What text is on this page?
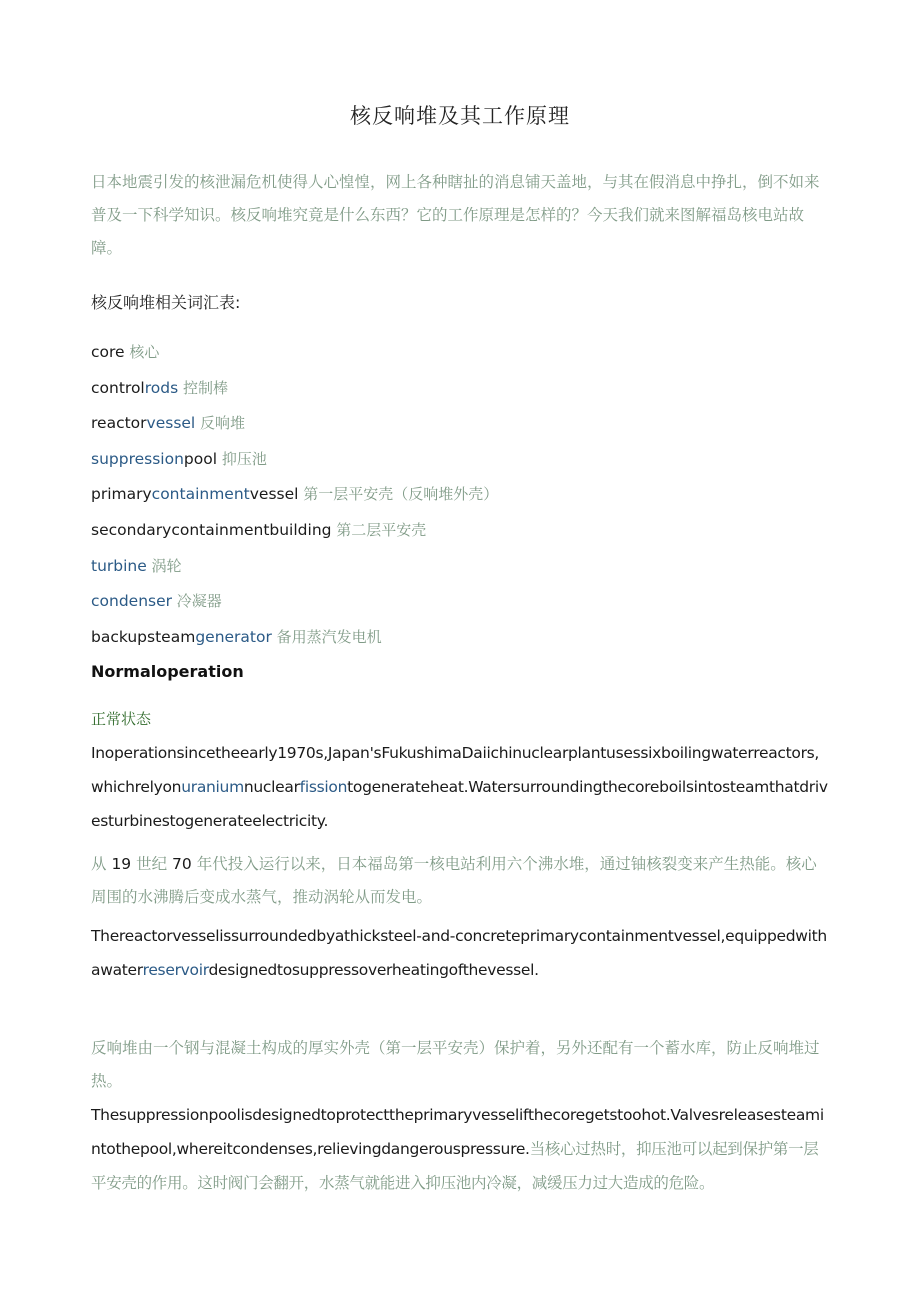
核反响堆及其工作原理
日本地震引发的核泄漏危机使得人心惶惶，网上各种瞎扯的消息铺天盖地，与其在假消息中挣扎，倒不如来普及一下科学知识。核反响堆究竟是什么东西？它的工作原理是怎样的？今天我们就来图解福岛核电站故障。
核反响堆相关词汇表:
core 核心
controlrods 控制棒
reactorvessel 反响堆
suppressionpool 抑压池
primarycontainmentvessel 第一层平安壳（反响堆外壳）
secondarycontainmentbuilding 第二层平安壳
turbine 涡轮
condenser 冷凝器
backupsteamgenerator 备用蒸汽发电机
Normaloperation
正常状态
Inoperationsincetheearly1970s,Japan'sFukushimaDaiichinuclearplantusessixboilingwaterreactors,whichrelyonuraniumnuclearfissiontogenerateheat.Watersurroundingthecoreboilsintosteamthatdrivesturbinestogenerateelectricity.
从 19 世纪 70 年代投入运行以来，日本福岛第一核电站利用六个沸水堆，通过铀核裂变来产生热能。核心周围的水沸腾后变成水蒸气，推动涡轮从而发电。
Thereactorvesselissurroundedbyathicksteel-and-concreteprimarycontainmentvessel,equippedwithawaterreservoirdesignedtosuppressoverheatingofthevessel.
反响堆由一个钢与混凝土构成的厚实外壳（第一层平安壳）保护着，另外还配有一个蓄水库，防止反响堆过热。
Thesuppressionpoolisdesignedtoprotecttheprimaryvesselifthecoregetstoohot.Valvesreleasesteamintothepool,whereitcondenses,relievingdangerouspressure.当核心过热时，抑压池可以起到保护第一层平安壳的作用。这时阀门会翻开，水蒸气就能进入抑压池内冷凝，减缓压力过大造成的危险。
